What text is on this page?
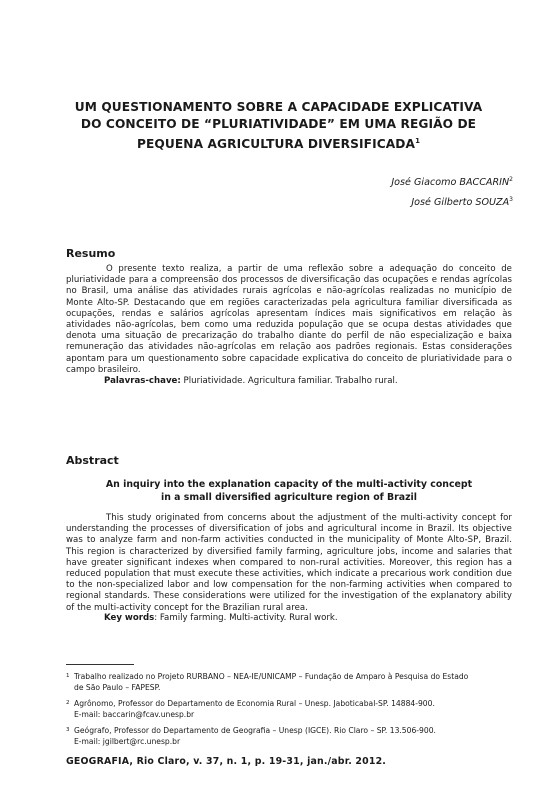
UM QUESTIONAMENTO SOBRE A CAPACIDADE EXPLICATIVA
DO CONCEITO DE “PLURIATIVIDADE” EM UMA REGIÃO DE
PEQUENA AGRICULTURA DIVERSIFICADA$^1$
José Giacomo BACCARIN$^2$
José Gilberto SOUZA$^3$
Resumo
O presente texto realiza, a partir de uma reflexão sobre a adequação do conceito de pluriatividade para a compreensão dos processos de diversificação das ocupações e rendas agrícolas no Brasil, uma análise das atividades rurais agrícolas e não-agrícolas realizadas no município de Monte Alto-SP. Destacando que em regiões caracterizadas pela agricultura familiar diversificada as ocupações, rendas e salários agrícolas apresentam índices mais significativos em relação às atividades não-agrícolas, bem como uma reduzida população que se ocupa destas atividades que denota uma situação de precarização do trabalho diante do perfil de não especialização e baixa remuneração das atividades não-agrícolas em relação aos padrões regionais. Estas considerações apontam para um questionamento sobre capacidade explicativa do conceito de pluriatividade para o campo brasileiro.
Palavras-chave: Pluriatividade. Agricultura familiar. Trabalho rural.
Abstract
An inquiry into the explanation capacity of the multi-activity concept
in a small diversified agriculture region of Brazil
This study originated from concerns about the adjustment of the multi-activity concept for understanding the processes of diversification of jobs and agricultural income in Brazil. Its objective was to analyze farm and non-farm activities conducted in the municipality of Monte Alto-SP, Brazil. This region is characterized by diversified family farming, agriculture jobs, income and salaries that have greater significant indexes when compared to non-rural activities. Moreover, this region has a reduced population that must execute these activities, which indicate a precarious work condition due to the non-specialized labor and low compensation for the non-farming activities when compared to regional standards. These considerations were utilized for the investigation of the explanatory ability of the multi-activity concept for the Brazilian rural area.
Key words: Family farming. Multi-activity. Rural work.
1 Trabalho realizado no Projeto RURBANO – NEA-IE/UNICAMP – Fundação de Amparo à Pesquisa do Estado
de São Paulo – FAPESP.
2 Agrônomo, Professor do Departamento de Economia Rural – Unesp. Jaboticabal-SP. 14884-900.
E-mail: baccarin@fcav.unesp.br
3 Geógrafo, Professor do Departamento de Geografia – Unesp (IGCE). Rio Claro – SP. 13.506-900.
E-mail: jgilbert@rc.unesp.br
GEOGRAFIA, Rio Claro, v. 37, n. 1, p. 19-31, jan./abr. 2012.
